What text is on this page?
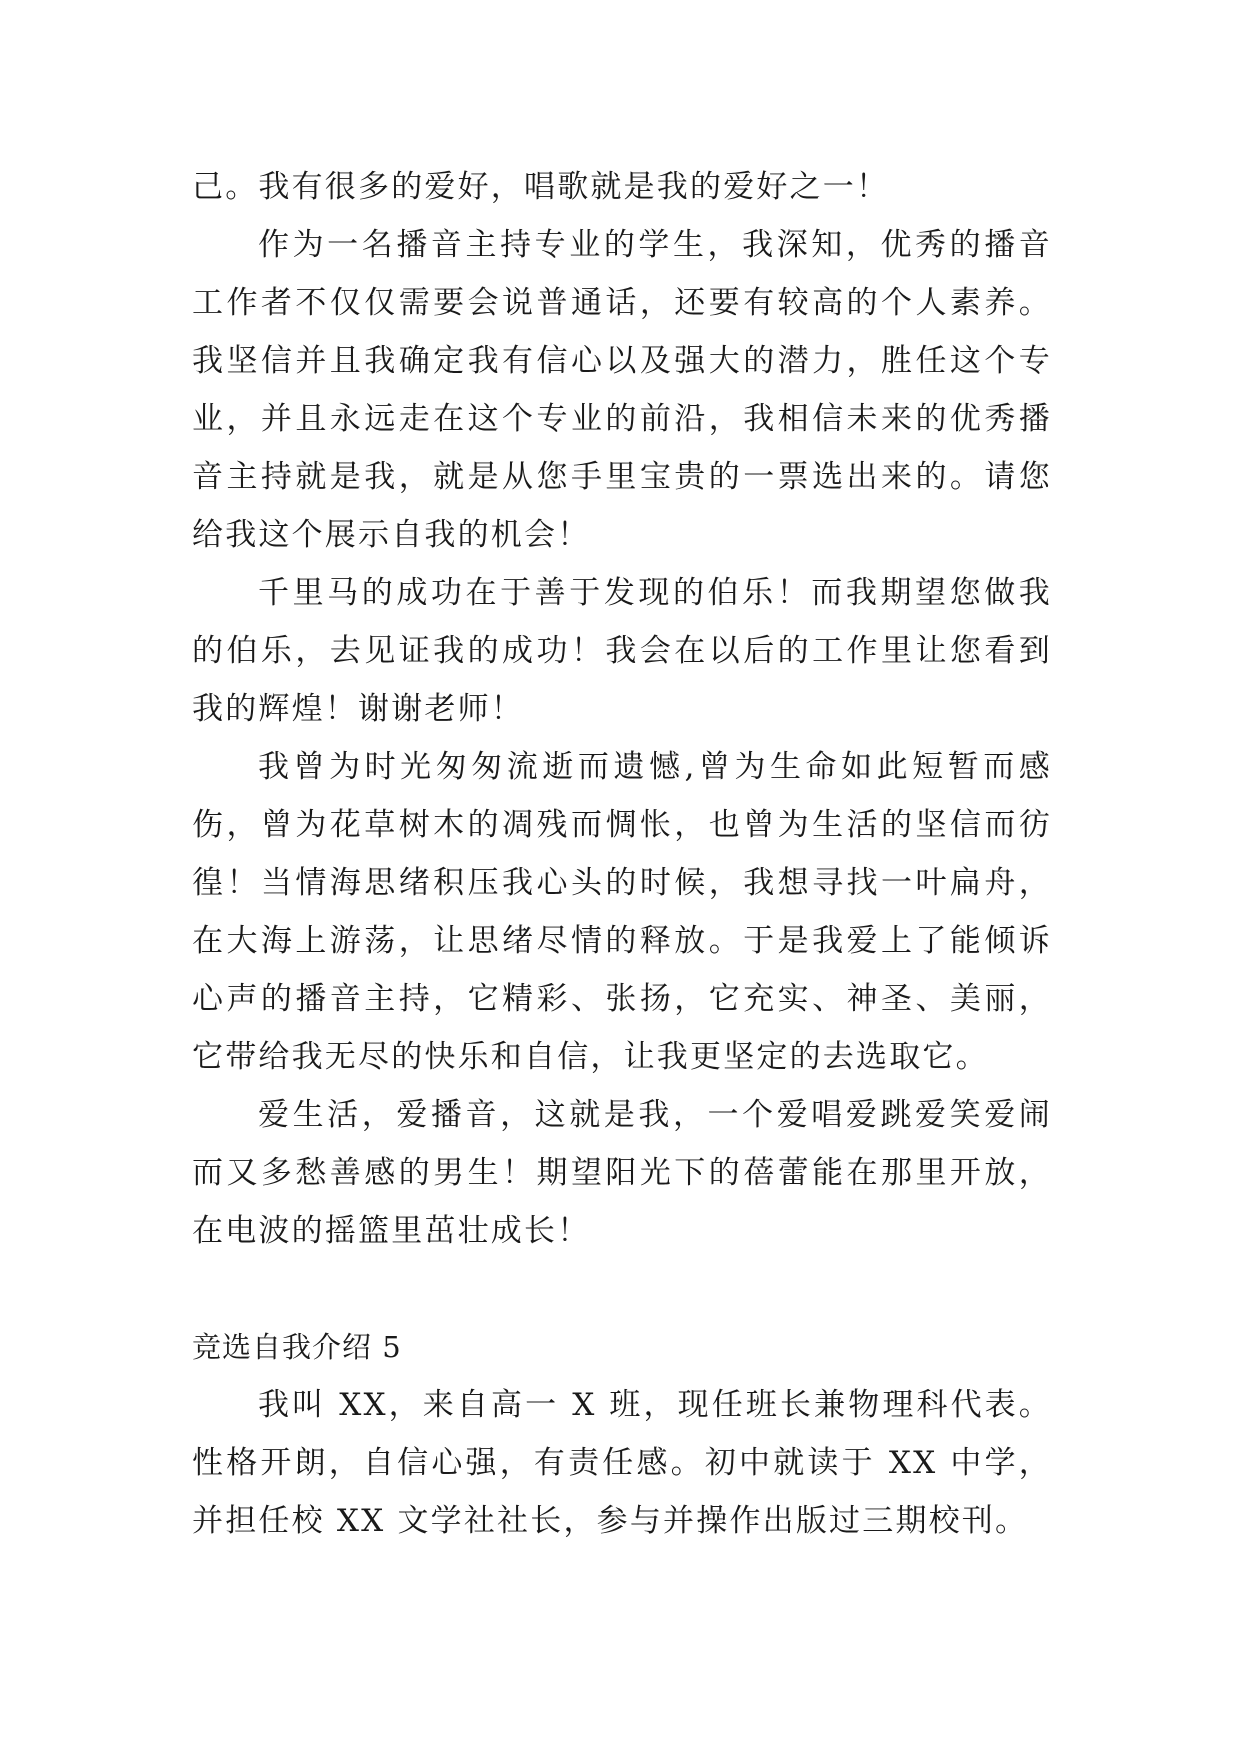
己。我有很多的爱好，唱歌就是我的爱好之一！

作为一名播音主持专业的学生，我深知，优秀的播音工作者不仅仅需要会说普通话，还要有较高的个人素养。我坚信并且我确定我有信心以及强大的潜力，胜任这个专业，并且永远走在这个专业的前沿，我相信未来的优秀播音主持就是我，就是从您手里宝贵的一票选出来的。请您给我这个展示自我的机会！

千里马的成功在于善于发现的伯乐！而我期望您做我的伯乐，去见证我的成功！我会在以后的工作里让您看到我的辉煌！谢谢老师！

我曾为时光匆匆流逝而遗憾,曾为生命如此短暂而感伤，曾为花草树木的凋残而惆怅，也曾为生活的坚信而彷徨！当情海思绪积压我心头的时候，我想寻找一叶扁舟，在大海上游荡，让思绪尽情的释放。于是我爱上了能倾诉心声的播音主持，它精彩、张扬，它充实、神圣、美丽，它带给我无尽的快乐和自信，让我更坚定的去选取它。

爱生活，爱播音，这就是我，一个爱唱爱跳爱笑爱闹而又多愁善感的男生！期望阳光下的蓓蕾能在那里开放，在电波的摇篮里茁壮成长！

竞选自我介绍 5

我叫 XX，来自高一 X 班，现任班长兼物理科代表。性格开朗，自信心强，有责任感。初中就读于 XX 中学，并担任校 XX 文学社社长，参与并操作出版过三期校刊。
